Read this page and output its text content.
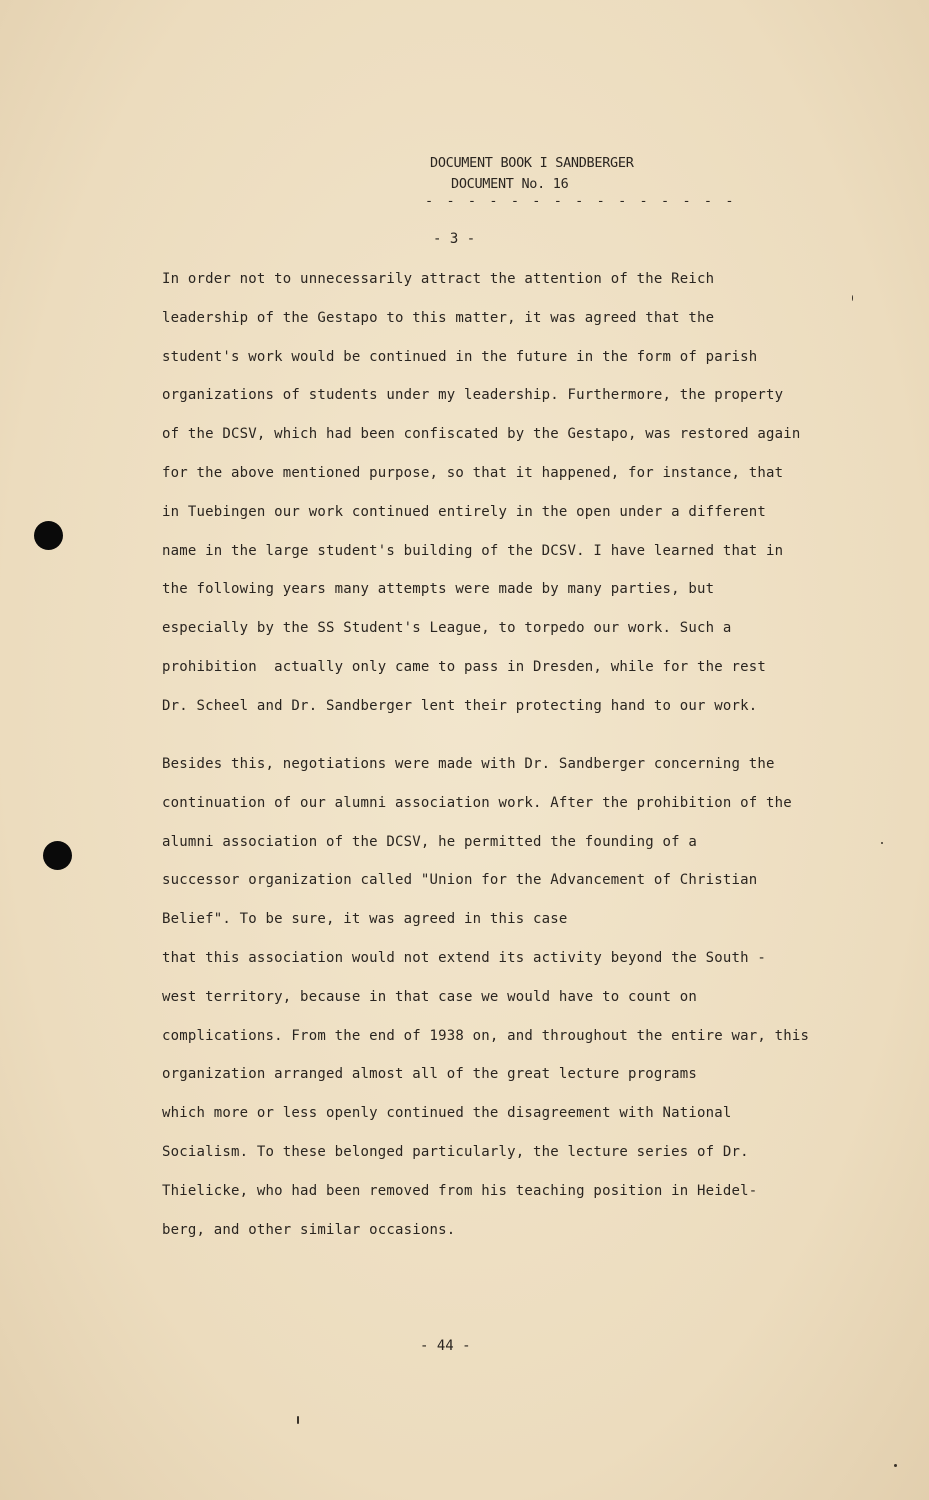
DOCUMENT BOOK I SANDBERGER
DOCUMENT No. 16
- - - - - - - - - - - - - - -
- 3 -
In order not to unnecessarily attract the attention of the Reich
leadership of the Gestapo to this matter, it was agreed that the
student's work would be continued in the future in the form of parish
organizations of students under my leadership. Furthermore, the property
of the DCSV, which had been confiscated by the Gestapo, was restored again
for the above mentioned purpose, so that it happened, for instance, that
in Tuebingen our work continued entirely in the open under a different
name in the large student's building of the DCSV. I have learned that in
the following years many attempts were made by many parties, but
especially by the SS Student's League, to torpedo our work. Such a
prohibition  actually only came to pass in Dresden, while for the rest
Dr. Scheel and Dr. Sandberger lent their protecting hand to our work.
Besides this, negotiations were made with Dr. Sandberger concerning the
continuation of our alumni association work. After the prohibition of the
alumni association of the DCSV, he permitted the founding of a
successor organization called "Union for the Advancement of Christian
Belief". To be sure, it was agreed in this case
that this association would not extend its activity beyond the South -
west territory, because in that case we would have to count on
complications. From the end of 1938 on, and throughout the entire war, this
organization arranged almost all of the great lecture programs
which more or less openly continued the disagreement with National
Socialism. To these belonged particularly, the lecture series of Dr.
Thielicke, who had been removed from his teaching position in Heidel-
berg, and other similar occasions.
- 44 -
